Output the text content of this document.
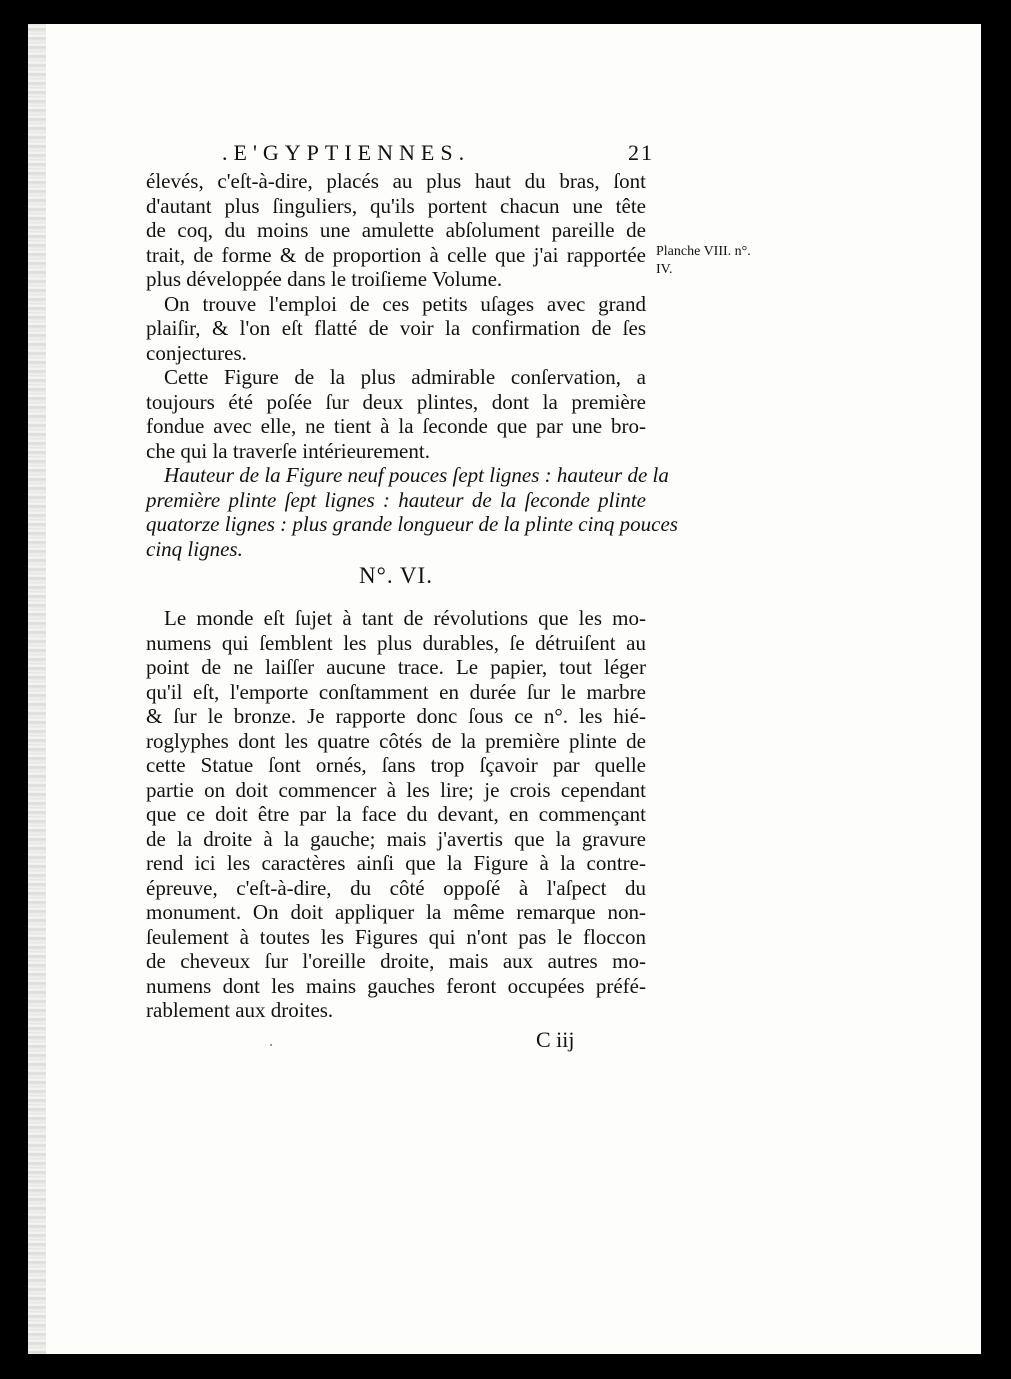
.E'GYPTIENNES.	21
élevés, c'eſt-à-dire, placés au plus haut du bras, ſont
d'autant plus ſinguliers, qu'ils portent chacun une tête
de coq, du moins une amulette abſolument pareille de
trait, de forme & de proportion à celle que j'ai rapportée
plus développée dans le troiſieme Volume.
On trouve l'emploi de ces petits uſages avec grand
plaiſir, & l'on eſt flatté de voir la confirmation de ſes
conjectures.
Cette Figure de la plus admirable conſervation, a
toujours été poſée ſur deux plintes, dont la première
fondue avec elle, ne tient à la ſeconde que par une bro-
che qui la traverſe intérieurement.
Hauteur de la Figure neuf pouces ſept lignes : hauteur de la
première plinte ſept lignes : hauteur de la ſeconde plinte
quatorze lignes : plus grande longueur de la plinte cinq pouces
cinq lignes.
Planche VIII. n°.
IV.
N°. VI.
Le monde eſt ſujet à tant de révolutions que les mo-
numens qui ſemblent les plus durables, ſe détruiſent au
point de ne laiſſer aucune trace. Le papier, tout léger
qu'il eſt, l'emporte conſtamment en durée ſur le marbre
& ſur le bronze. Je rapporte donc ſous ce n°. les hié-
roglyphes dont les quatre côtés de la première plinte de
cette Statue ſont ornés, ſans trop ſçavoir par quelle
partie on doit commencer à les lire; je crois cependant
que ce doit être par la face du devant, en commençant
de la droite à la gauche; mais j'avertis que la gravure
rend ici les caractères ainſi que la Figure à la contre-
épreuve, c'eſt-à-dire, du côté oppoſé à l'aſpect du
monument. On doit appliquer la même remarque non-
ſeulement à toutes les Figures qui n'ont pas le floccon
de cheveux ſur l'oreille droite, mais aux autres mo-
numens dont les mains gauches feront occupées préfé-
rablement aux droites.
C iij
